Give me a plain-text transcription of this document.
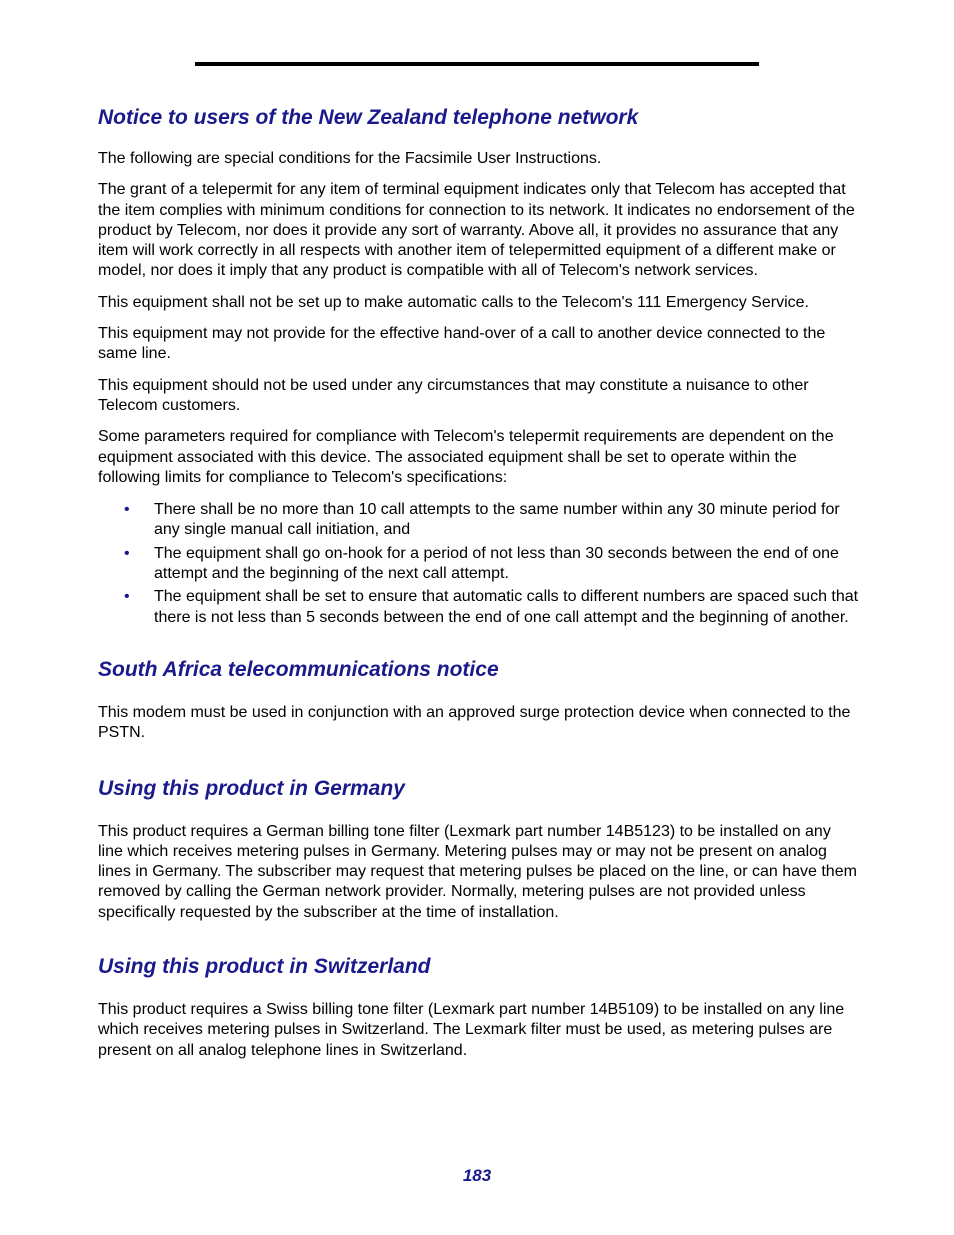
Notice to users of the New Zealand telephone network

The following are special conditions for the Facsimile User Instructions.

The grant of a telepermit for any item of terminal equipment indicates only that Telecom has accepted that the item complies with minimum conditions for connection to its network. It indicates no endorsement of the product by Telecom, nor does it provide any sort of warranty. Above all, it provides no assurance that any item will work correctly in all respects with another item of telepermitted equipment of a different make or model, nor does it imply that any product is compatible with all of Telecom's network services.

This equipment shall not be set up to make automatic calls to the Telecom's 111 Emergency Service.

This equipment may not provide for the effective hand-over of a call to another device connected to the same line.

This equipment should not be used under any circumstances that may constitute a nuisance to other Telecom customers.

Some parameters required for compliance with Telecom's telepermit requirements are dependent on the equipment associated with this device. The associated equipment shall be set to operate within the following limits for compliance to Telecom's specifications:

• There shall be no more than 10 call attempts to the same number within any 30 minute period for any single manual call initiation, and
• The equipment shall go on-hook for a period of not less than 30 seconds between the end of one attempt and the beginning of the next call attempt.
• The equipment shall be set to ensure that automatic calls to different numbers are spaced such that there is not less than 5 seconds between the end of one call attempt and the beginning of another.
South Africa telecommunications notice

This modem must be used in conjunction with an approved surge protection device when connected to the PSTN.

Using this product in Germany

This product requires a German billing tone filter (Lexmark part number 14B5123) to be installed on any line which receives metering pulses in Germany. Metering pulses may or may not be present on analog lines in Germany. The subscriber may request that metering pulses be placed on the line, or can have them removed by calling the German network provider. Normally, metering pulses are not provided unless specifically requested by the subscriber at the time of installation.

Using this product in Switzerland

This product requires a Swiss billing tone filter (Lexmark part number 14B5109) to be installed on any line which receives metering pulses in Switzerland. The Lexmark filter must be used, as metering pulses are present on all analog telephone lines in Switzerland.

183
